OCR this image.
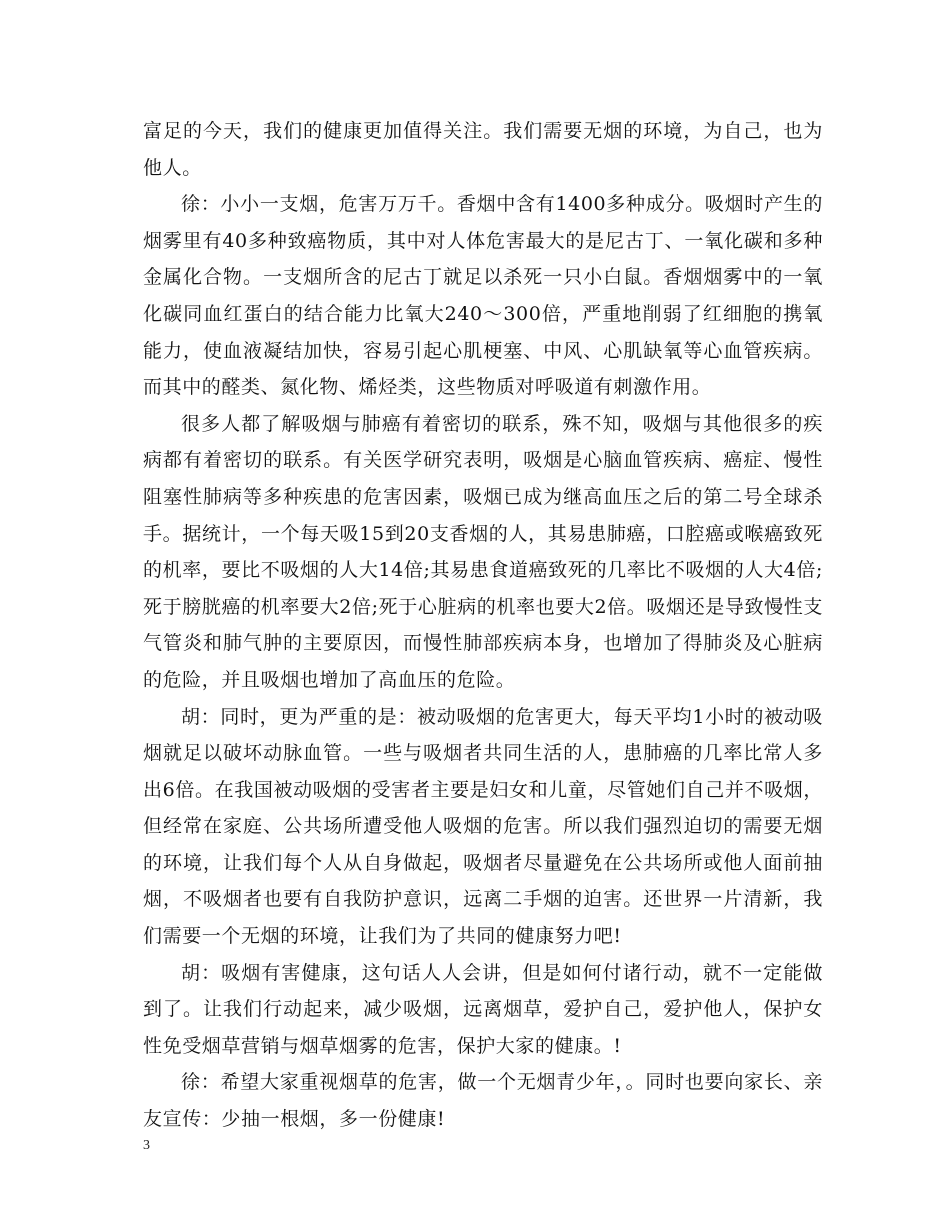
富足的今天，我们的健康更加值得关注。我们需要无烟的环境，为自己，也为他人。

徐：小小一支烟，危害万万千。香烟中含有1400多种成分。吸烟时产生的烟雾里有40多种致癌物质，其中对人体危害最大的是尼古丁、一氧化碳和多种金属化合物。一支烟所含的尼古丁就足以杀死一只小白鼠。香烟烟雾中的一氧化碳同血红蛋白的结合能力比氧大240～300倍，严重地削弱了红细胞的携氧能力，使血液凝结加快，容易引起心肌梗塞、中风、心肌缺氧等心血管疾病。而其中的醛类、氮化物、烯烃类，这些物质对呼吸道有刺激作用。

很多人都了解吸烟与肺癌有着密切的联系，殊不知，吸烟与其他很多的疾病都有着密切的联系。有关医学研究表明，吸烟是心脑血管疾病、癌症、慢性阻塞性肺病等多种疾患的危害因素，吸烟已成为继高血压之后的第二号全球杀手。据统计，一个每天吸15到20支香烟的人，其易患肺癌，口腔癌或喉癌致死的机率，要比不吸烟的人大14倍;其易患食道癌致死的几率比不吸烟的人大4倍;死于膀胱癌的机率要大2倍;死于心脏病的机率也要大2倍。吸烟还是导致慢性支气管炎和肺气肿的主要原因，而慢性肺部疾病本身，也增加了得肺炎及心脏病的危险，并且吸烟也增加了高血压的危险。

胡：同时，更为严重的是：被动吸烟的危害更大，每天平均1小时的被动吸烟就足以破坏动脉血管。一些与吸烟者共同生活的人，患肺癌的几率比常人多出6倍。在我国被动吸烟的受害者主要是妇女和儿童，尽管她们自己并不吸烟，但经常在家庭、公共场所遭受他人吸烟的危害。所以我们强烈迫切的需要无烟的环境，让我们每个人从自身做起，吸烟者尽量避免在公共场所或他人面前抽烟，不吸烟者也要有自我防护意识，远离二手烟的迫害。还世界一片清新，我们需要一个无烟的环境，让我们为了共同的健康努力吧!

胡：吸烟有害健康，这句话人人会讲，但是如何付诸行动，就不一定能做到了。让我们行动起来，减少吸烟，远离烟草，爱护自己，爱护他人，保护女性免受烟草营销与烟草烟雾的危害，保护大家的健康。!

徐：希望大家重视烟草的危害，做一个无烟青少年，。同时也要向家长、亲友宣传：少抽一根烟，多一份健康!

3
